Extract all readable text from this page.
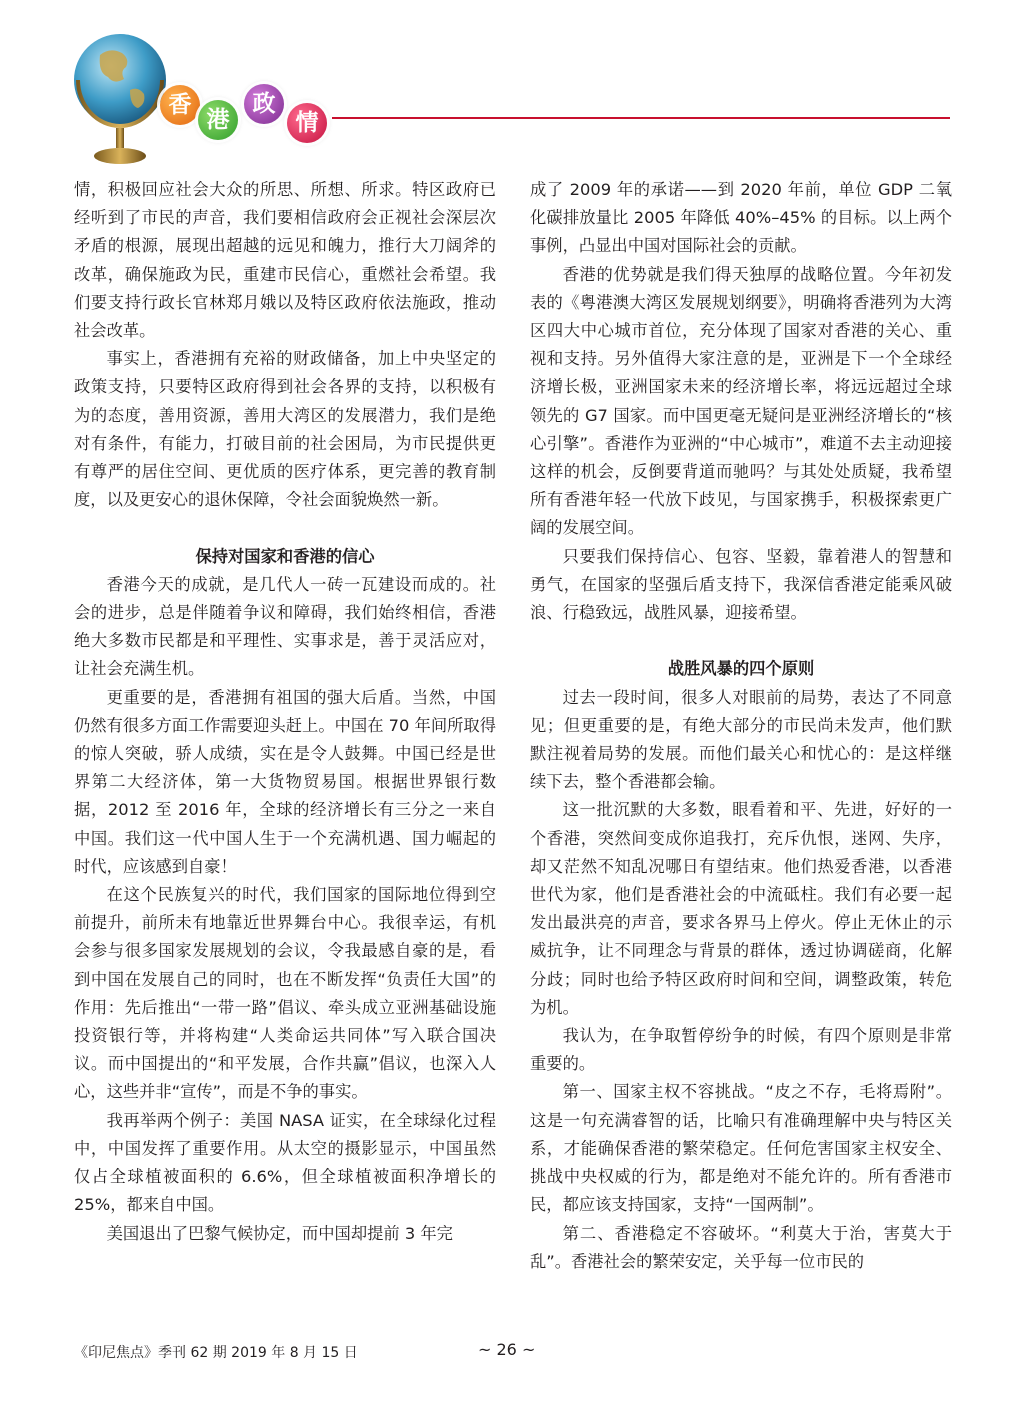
香
港
政
情

情，积极回应社会大众的所思、所想、所求。特区政府已经听到了市民的声音，我们要相信政府会正视社会深层次矛盾的根源，展现出超越的远见和魄力，推行大刀阔斧的改革，确保施政为民，重建市民信心，重燃社会希望。我们要支持行政长官林郑月娥以及特区政府依法施政，推动社会改革。

事实上，香港拥有充裕的财政储备，加上中央坚定的政策支持，只要特区政府得到社会各界的支持，以积极有为的态度，善用资源，善用大湾区的发展潜力，我们是绝对有条件，有能力，打破目前的社会困局，为市民提供更有尊严的居住空间、更优质的医疗体系，更完善的教育制度，以及更安心的退休保障，令社会面貌焕然一新。

保持对国家和香港的信心

香港今天的成就，是几代人一砖一瓦建设而成的。社会的进步，总是伴随着争议和障碍，我们始终相信，香港绝大多数市民都是和平理性、实事求是，善于灵活应对，让社会充满生机。

更重要的是，香港拥有祖国的强大后盾。当然，中国仍然有很多方面工作需要迎头赶上。中国在 70 年间所取得的惊人突破，骄人成绩，实在是令人鼓舞。中国已经是世界第二大经济体，第一大货物贸易国。根据世界银行数据，2012 至 2016 年，全球的经济增长有三分之一来自中国。我们这一代中国人生于一个充满机遇、国力崛起的时代，应该感到自豪！

在这个民族复兴的时代，我们国家的国际地位得到空前提升，前所未有地靠近世界舞台中心。我很幸运，有机会参与很多国家发展规划的会议，令我最感自豪的是，看到中国在发展自己的同时，也在不断发挥“负责任大国”的作用：先后推出“一带一路”倡议、牵头成立亚洲基础设施投资银行等，并将构建“人类命运共同体”写入联合国决议。而中国提出的“和平发展，合作共赢”倡议，也深入人心，这些并非“宣传”，而是不争的事实。

我再举两个例子：美国 NASA 证实，在全球绿化过程中，中国发挥了重要作用。从太空的摄影显示，中国虽然仅占全球植被面积的 6.6%，但全球植被面积净增长的 25%，都来自中国。

美国退出了巴黎气候协定，而中国却提前 3 年完

成了 2009 年的承诺——到 2020 年前，单位 GDP 二氧化碳排放量比 2005 年降低 40%–45% 的目标。以上两个事例，凸显出中国对国际社会的贡献。

香港的优势就是我们得天独厚的战略位置。今年初发表的《粤港澳大湾区发展规划纲要》，明确将香港列为大湾区四大中心城市首位，充分体现了国家对香港的关心、重视和支持。另外值得大家注意的是，亚洲是下一个全球经济增长极，亚洲国家未来的经济增长率，将远远超过全球领先的 G7 国家。而中国更毫无疑问是亚洲经济增长的“核心引擎”。香港作为亚洲的“中心城市”，难道不去主动迎接这样的机会，反倒要背道而驰吗？与其处处质疑，我希望所有香港年轻一代放下歧见，与国家携手，积极探索更广阔的发展空间。

只要我们保持信心、包容、坚毅，靠着港人的智慧和勇气，在国家的坚强后盾支持下，我深信香港定能乘风破浪、行稳致远，战胜风暴，迎接希望。

战胜风暴的四个原则

过去一段时间，很多人对眼前的局势，表达了不同意见；但更重要的是，有绝大部分的市民尚未发声，他们默默注视着局势的发展。而他们最关心和忧心的：是这样继续下去，整个香港都会输。

这一批沉默的大多数，眼看着和平、先进，好好的一个香港，突然间变成你追我打，充斥仇恨，迷网、失序，却又茫然不知乱况哪日有望结束。他们热爱香港，以香港世代为家，他们是香港社会的中流砥柱。我们有必要一起发出最洪亮的声音，要求各界马上停火。停止无休止的示威抗争，让不同理念与背景的群体，透过协调磋商，化解分歧；同时也给予特区政府时间和空间，调整政策，转危为机。

我认为，在争取暂停纷争的时候，有四个原则是非常重要的。

第一、国家主权不容挑战。“皮之不存，毛将焉附”。这是一句充满睿智的话，比喻只有准确理解中央与特区关系，才能确保香港的繁荣稳定。任何危害国家主权安全、挑战中央权威的行为，都是绝对不能允许的。所有香港市民，都应该支持国家，支持“一国两制”。

第二、香港稳定不容破坏。“利莫大于治，害莫大于乱”。香港社会的繁荣安定，关乎每一位市民的

《印尼焦点》季刊 62 期 2019 年 8 月 15 日	~ 26 ~
